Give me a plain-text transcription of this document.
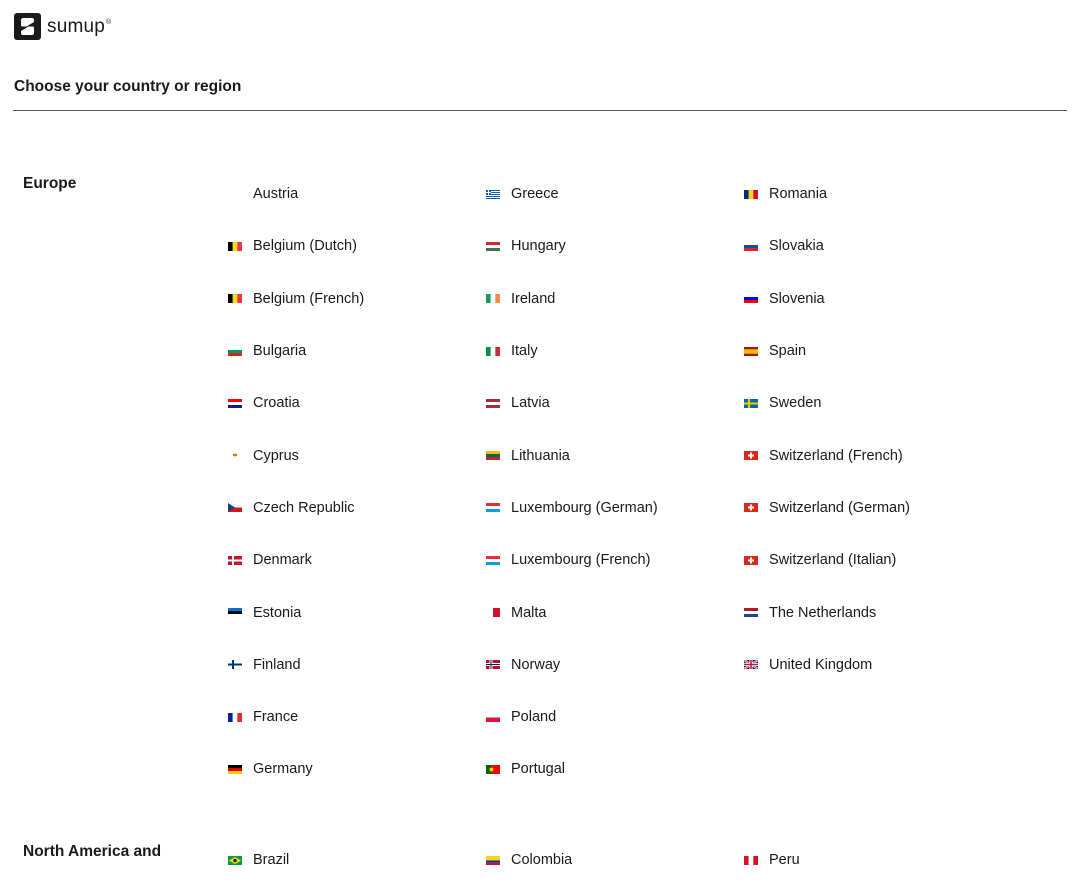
sumup®
Choose your country or region
Europe
Austria
Belgium (Dutch)
Belgium (French)
Bulgaria
Croatia
Cyprus
Czech Republic
Denmark
Estonia
Finland
France
Germany
Greece
Hungary
Ireland
Italy
Latvia
Lithuania
Luxembourg (German)
Luxembourg (French)
Malta
Norway
Poland
Portugal
Romania
Slovakia
Slovenia
Spain
Sweden
Switzerland (French)
Switzerland (German)
Switzerland (Italian)
The Netherlands
United Kingdom
North America and
Brazil	Colombia	Peru
